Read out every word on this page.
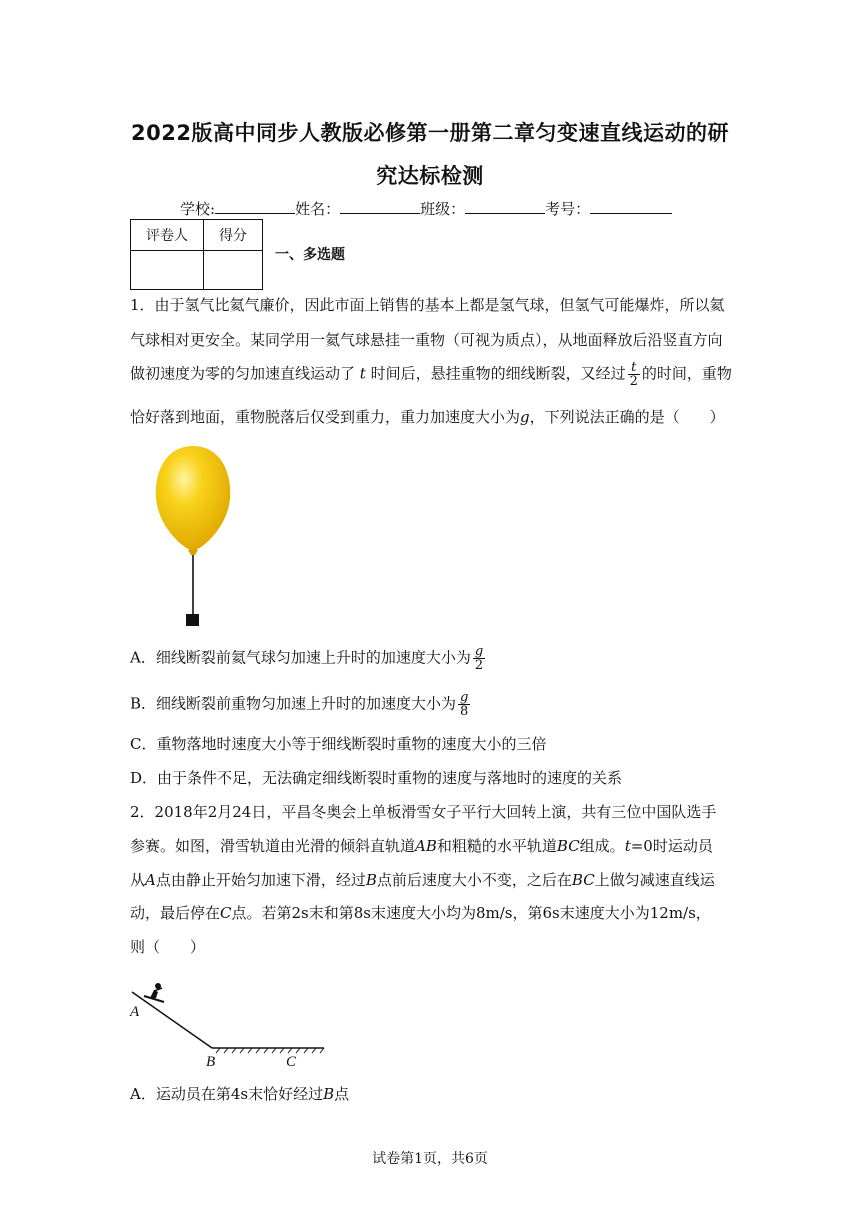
2022版高中同步人教版必修第一册第二章匀变速直线运动的研
究达标检测
学校:	姓名：	班级：	考号：
评卷人	得分

一、多选题
1．由于氢气比氦气廉价，因此市面上销售的基本上都是氢气球，但氢气可能爆炸，所以氦
气球相对更安全。某同学用一氦气球悬挂一重物（可视为质点），从地面释放后沿竖直方向
做初速度为零的匀加速直线运动了 t 时间后，悬挂重物的细线断裂，又经过 $\frac{t}{2}$ 的时间，重物
恰好落到地面，重物脱落后仅受到重力，重力加速度大小为g，下列说法正确的是（　　）
A．细线断裂前氦气球匀加速上升时的加速度大小为 $\frac{g}{2}$
B．细线断裂前重物匀加速上升时的加速度大小为 $\frac{g}{8}$
C．重物落地时速度大小等于细线断裂时重物的速度大小的三倍
D．由于条件不足，无法确定细线断裂时重物的速度与落地时的速度的关系
2．2018年2月24日，平昌冬奥会上单板滑雪女子平行大回转上演，共有三位中国队选手
参赛。如图，滑雪轨道由光滑的倾斜直轨道AB和粗糙的水平轨道BC组成。t=0时运动员
从A点由静止开始匀加速下滑，经过B点前后速度大小不变，之后在BC上做匀减速直线运
动，最后停在C点。若第2s末和第8s末速度大小均为8m/s，第6s末速度大小为12m/s，
则（　　）
A
B	C
A．运动员在第4s末恰好经过B点
试卷第1页，共6页
